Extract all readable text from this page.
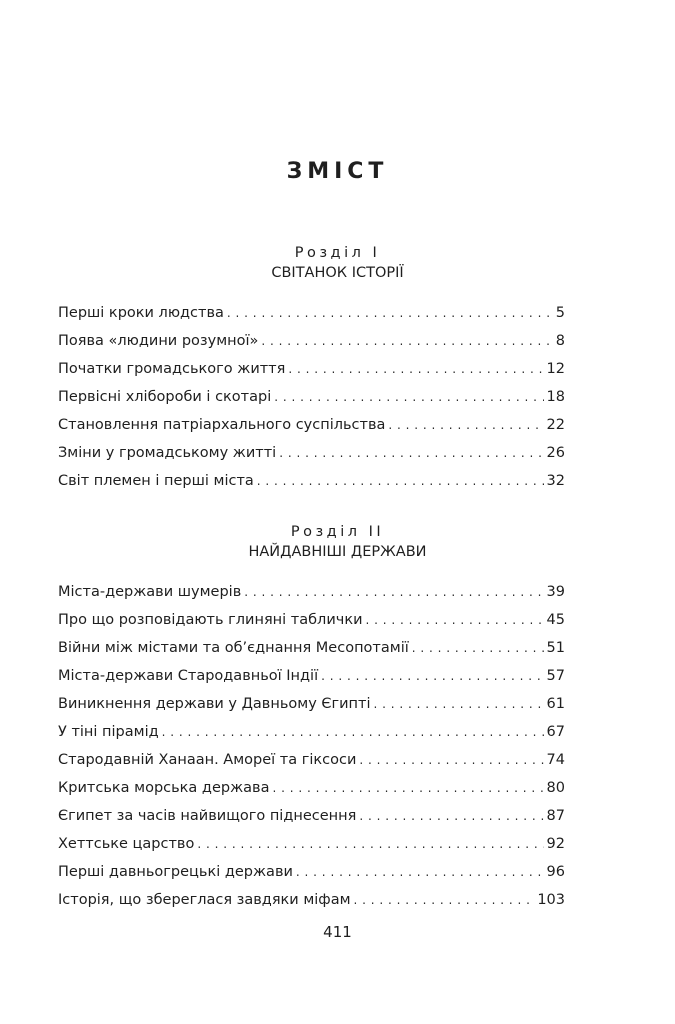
ЗМІСТ
Розділ І
СВІТАНОК ІСТОРІЇ
Перші кроки людства . . .	5
Поява «людини розумної» . . .	8
Початки громадського життя . . .	12
Первісні хлібороби і скотарі . . .	18
Становлення патріархального суспільства . . .	22
Зміни у громадському житті . . .	26
Світ племен і перші міста . . .	32
Розділ ІІ
НАЙДАВНІШІ ДЕРЖАВИ
Міста-держави шумерів . . .	39
Про що розповідають глиняні таблички . . .	45
Війни між містами та об’єднання Месопотамії . . .	51
Міста-держави Стародавньої Індії . . .	57
Виникнення держави у Давньому Єгипті . . .	61
У тіні пірамід . . .	67
Стародавній Ханаан. Амореї та гіксоси . . .	74
Критська морська держава . . .	80
Єгипет за часів найвищого піднесення . . .	87
Хеттське царство . . .	92
Перші давньогрецькі держави . . .	96
Історія, що збереглася завдяки міфам . . .	103
411
